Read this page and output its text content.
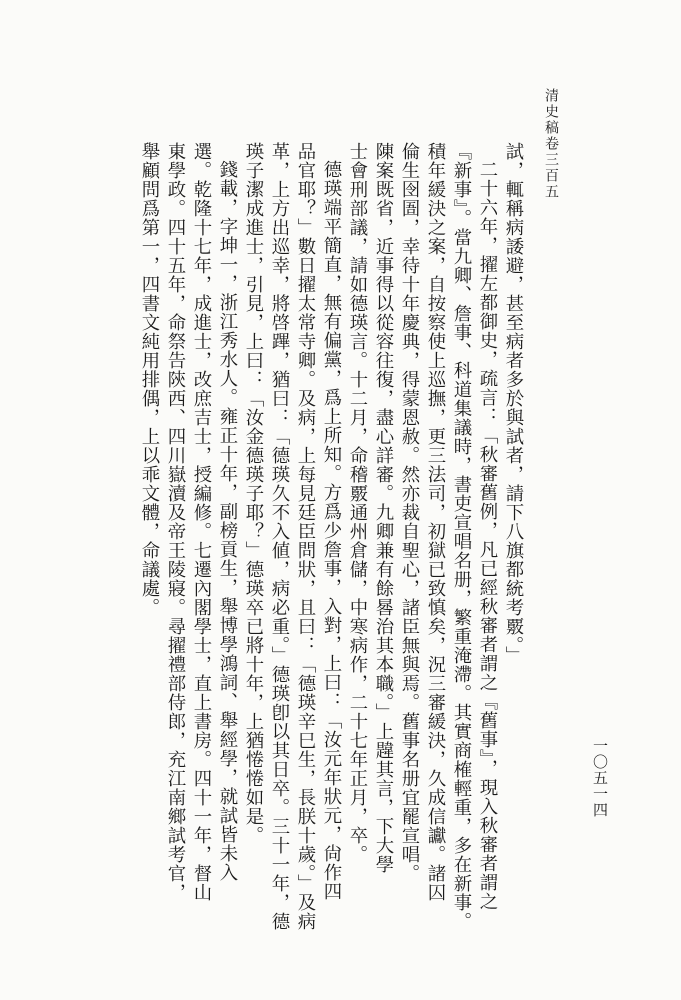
清史稿卷三百五
一〇五一四
試，輒稱病諉避，甚至病者多於與試者，請下八旗都統考覈。」
二十六年，擢左都御史，疏言：「秋審舊例，凡已經秋審者謂之『舊事』，現入秋審者謂之
『新事』。當九卿、詹事、科道集議時，書吏宣唱名册，繁重淹滯。其實商榷輕重，多在新事。
積年緩決之案，自按察使上巡撫，更三法司，初獄已致慎矣，況三審緩決，久成信讞。諸囚
倫生囹圄，幸待十年慶典，得蒙恩赦。然亦裁自聖心，諸臣無與焉。舊事名册宜罷宣唱。
陳案既省，近事得以從容往復，盡心詳審。九卿兼有餘晷治其本職。」上韙其言，下大學
士會刑部議，請如德瑛言。十二月，命稽覈通州倉儲，中寒病作，二十七年正月，卒。
德瑛端平簡直，無有偏黨，爲上所知。方爲少詹事，入對，上曰：「汝元年狀元，尙作四
品官耶？」數日擢太常寺卿。及病，上每見廷臣問狀，且曰：「德瑛辛巳生，長朕十歲。」及病
革，上方出巡幸，將啓蹕，猶曰：「德瑛久不入値，病必重。」德瑛卽以其日卒。三十一年，德
瑛子潔成進士，引見，上曰：「汝金德瑛子耶？」德瑛卒已將十年，上猶惓惓如是。
錢載，字坤一，浙江秀水人。雍正十年，副榜貢生，舉博學鴻詞、舉經學，就試皆未入
選。乾隆十七年，成進士，改庶吉士，授編修。七遷內閣學士，直上書房。四十一年，督山
東學政。四十五年，命祭告陝西、四川嶽瀆及帝王陵寢。尋擢禮部侍郎，充江南鄉試考官，
舉顧問爲第一，四書文純用排偶，上以乖文體，命議處。
